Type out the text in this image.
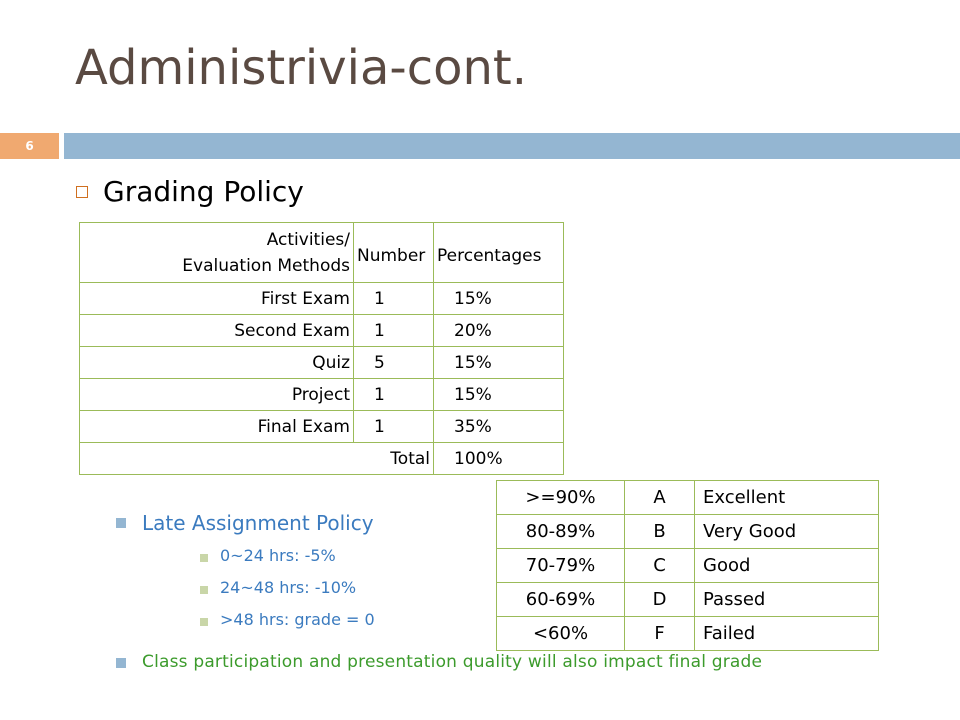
Administrivia-cont.
6
Grading Policy
Activities/
Evaluation Methods	Number	Percentages
First Exam	1	15%
Second Exam	1	20%
Quiz	5	15%
Project	1	15%
Final Exam	1	35%
Total		100%
>=90%	A	Excellent
80-89%	B	Very Good
70-79%	C	Good
60-69%	D	Passed
<60%	F	Failed
Late Assignment Policy
0~24 hrs: -5%
24~48 hrs: -10%
>48 hrs: grade = 0
Class participation and presentation quality will also impact final grade
